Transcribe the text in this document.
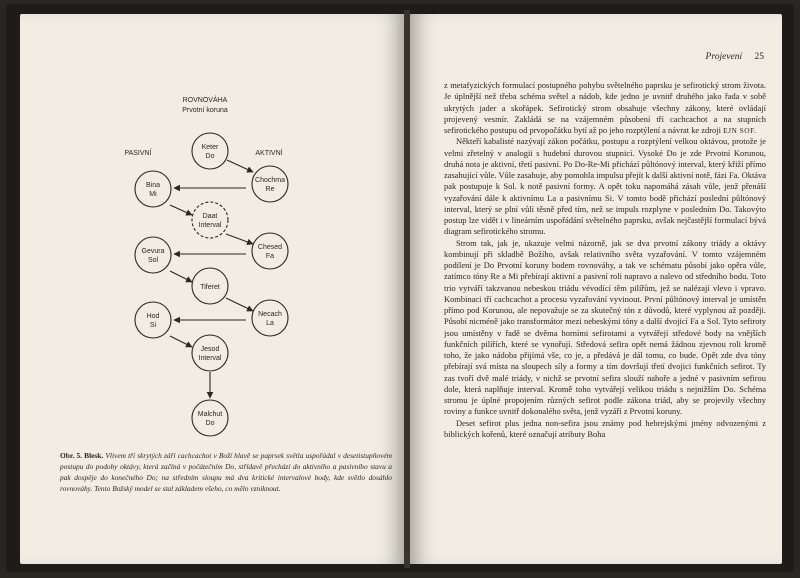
ROVNOVÁHA
Prvotní koruna
PASIVNÍ	AKTIVNÍ
Keter
Do
Chochma
Re
Bina
Mi
Daat
Interval
Chesed
Fa
Gevura
Sol
Tiferet
Necach
La
Hod
Si
Jesod
Interval
Malchut
Do
Obr. 5. Blesk. Vlivem tří skrytých září cachcachot v Boží hlavě se paprsek světla uspořádal v desetistupňovém postupu do podoby oktávy, která začíná v počátečním Do, střídavě přechází do aktivního a pasivního stavu a pak dospěje do konečného Do; na středním sloupu má dva kritické intervalové body, kde světlo dosáhlo rovnováhy. Tento Božský model se stal základem všeho, co mělo vzniknout.
Projevení 25

z metafyzických formulací postupného pohybu světelného paprsku je sefirotický strom života. Je úplnější než třeba schéma světel a nádob, kde jedno je uvnitř druhého jako řada v sobě ukrytých jader a skořápek. Sefirotický strom obsahuje všechny zákony, které ovládají projevený vesmír. Zakládá se na vzájemném působení tří cachcachot a na stupních sefirotického postupu od prvopočátku bytí až po jeho rozptýlení a návrat ke zdroji EJN SOF.

Někteří kabalisté nazývají zákon počátku, postupu a rozptýlení velkou oktávou, protože je velmi zřetelný v analogii s hudební durovou stupnicí. Vysoké Do je zde Prvotní Korunou, druhá nota je aktivní, třetí pasivní. Po Do-Re-Mi přichází půltónový interval, který křiží přímo zasahující vůle. Vůle zasahuje, aby pomohla impulsu přejít k další aktivní notě, fázi Fa. Oktáva pak postupuje k Sol. k notě pasivní formy. A opět toku napomáhá zásah vůle, jenž přenáší vyzařování dále k aktivnímu La a pasivnímu Si. V tomto bodě přichází poslední půltónový interval, který se plní vůlí těsně před tím, než se impuls rozplyne v posledním Do. Takovýto postup lze vidět i v lineárním uspořádání světelného paprsku, avšak nejčastější formulací bývá diagram sefirotického stromu.

Strom tak, jak je, ukazuje velmi názorně, jak se dva prvotní zákony triády a oktávy kombinují při skladbě Božího, avšak relativního světa vyzařování. V tomto vzájemném podílení je Do Prvotní koruny bodem rovnováhy, a tak ve schématu působí jako opěra vůle, zatímco tóny Re a Mi přebírají aktivní a pasivní roli napravo a nalevo od středního bodu. Toto trio vytváří takzvanou nebeskou triádu vévodící těm pilířům, jež se nalézají vlevo i vpravo. Kombinaci tří cachcachot a procesu vyzařování vyvinout. První půltónový interval je umístěn přímo pod Korunou, ale nepovažuje se za skutečný tón z důvodů, které vyplynou až později. Působí nicméně jako transformátor mezi nebeskými tóny a další dvojicí Fa a Sol. Tyto sefiroty jsou umístěny v řadě se dvěma horními sefirotami a vytvářejí středové body na vnějších funkčních pilířích, které se vynořují. Středová sefira opět nemá žádnou zjevnou roli kromě toho, že jako nádoba přijímá vše, co je, a předává je dál tomu, co bude. Opět zde dva tóny přebírají svá místa na sloupech síly a formy a tím dovršují třetí dvojici funkčních sefirot. Ty zas tvoří dvě malé triády, v nichž se prvotní sefira slouží nahoře a jedné v pasivním sefirou dole, která naplňuje interval. Kromě toho vytvářejí velikou triádu s nejnižším Do. Schéma stromu je úplné propojením různých sefirot podle zákona triád, aby se projevily všechny roviny a funkce uvnitř dokonalého světa, jenž vyzáří z Prvotní koruny.

Deset sefirot plus jedna non-sefira jsou známy pod hebrejskými jmény odvozenými z biblických kořenů, které označují atributy Boha
